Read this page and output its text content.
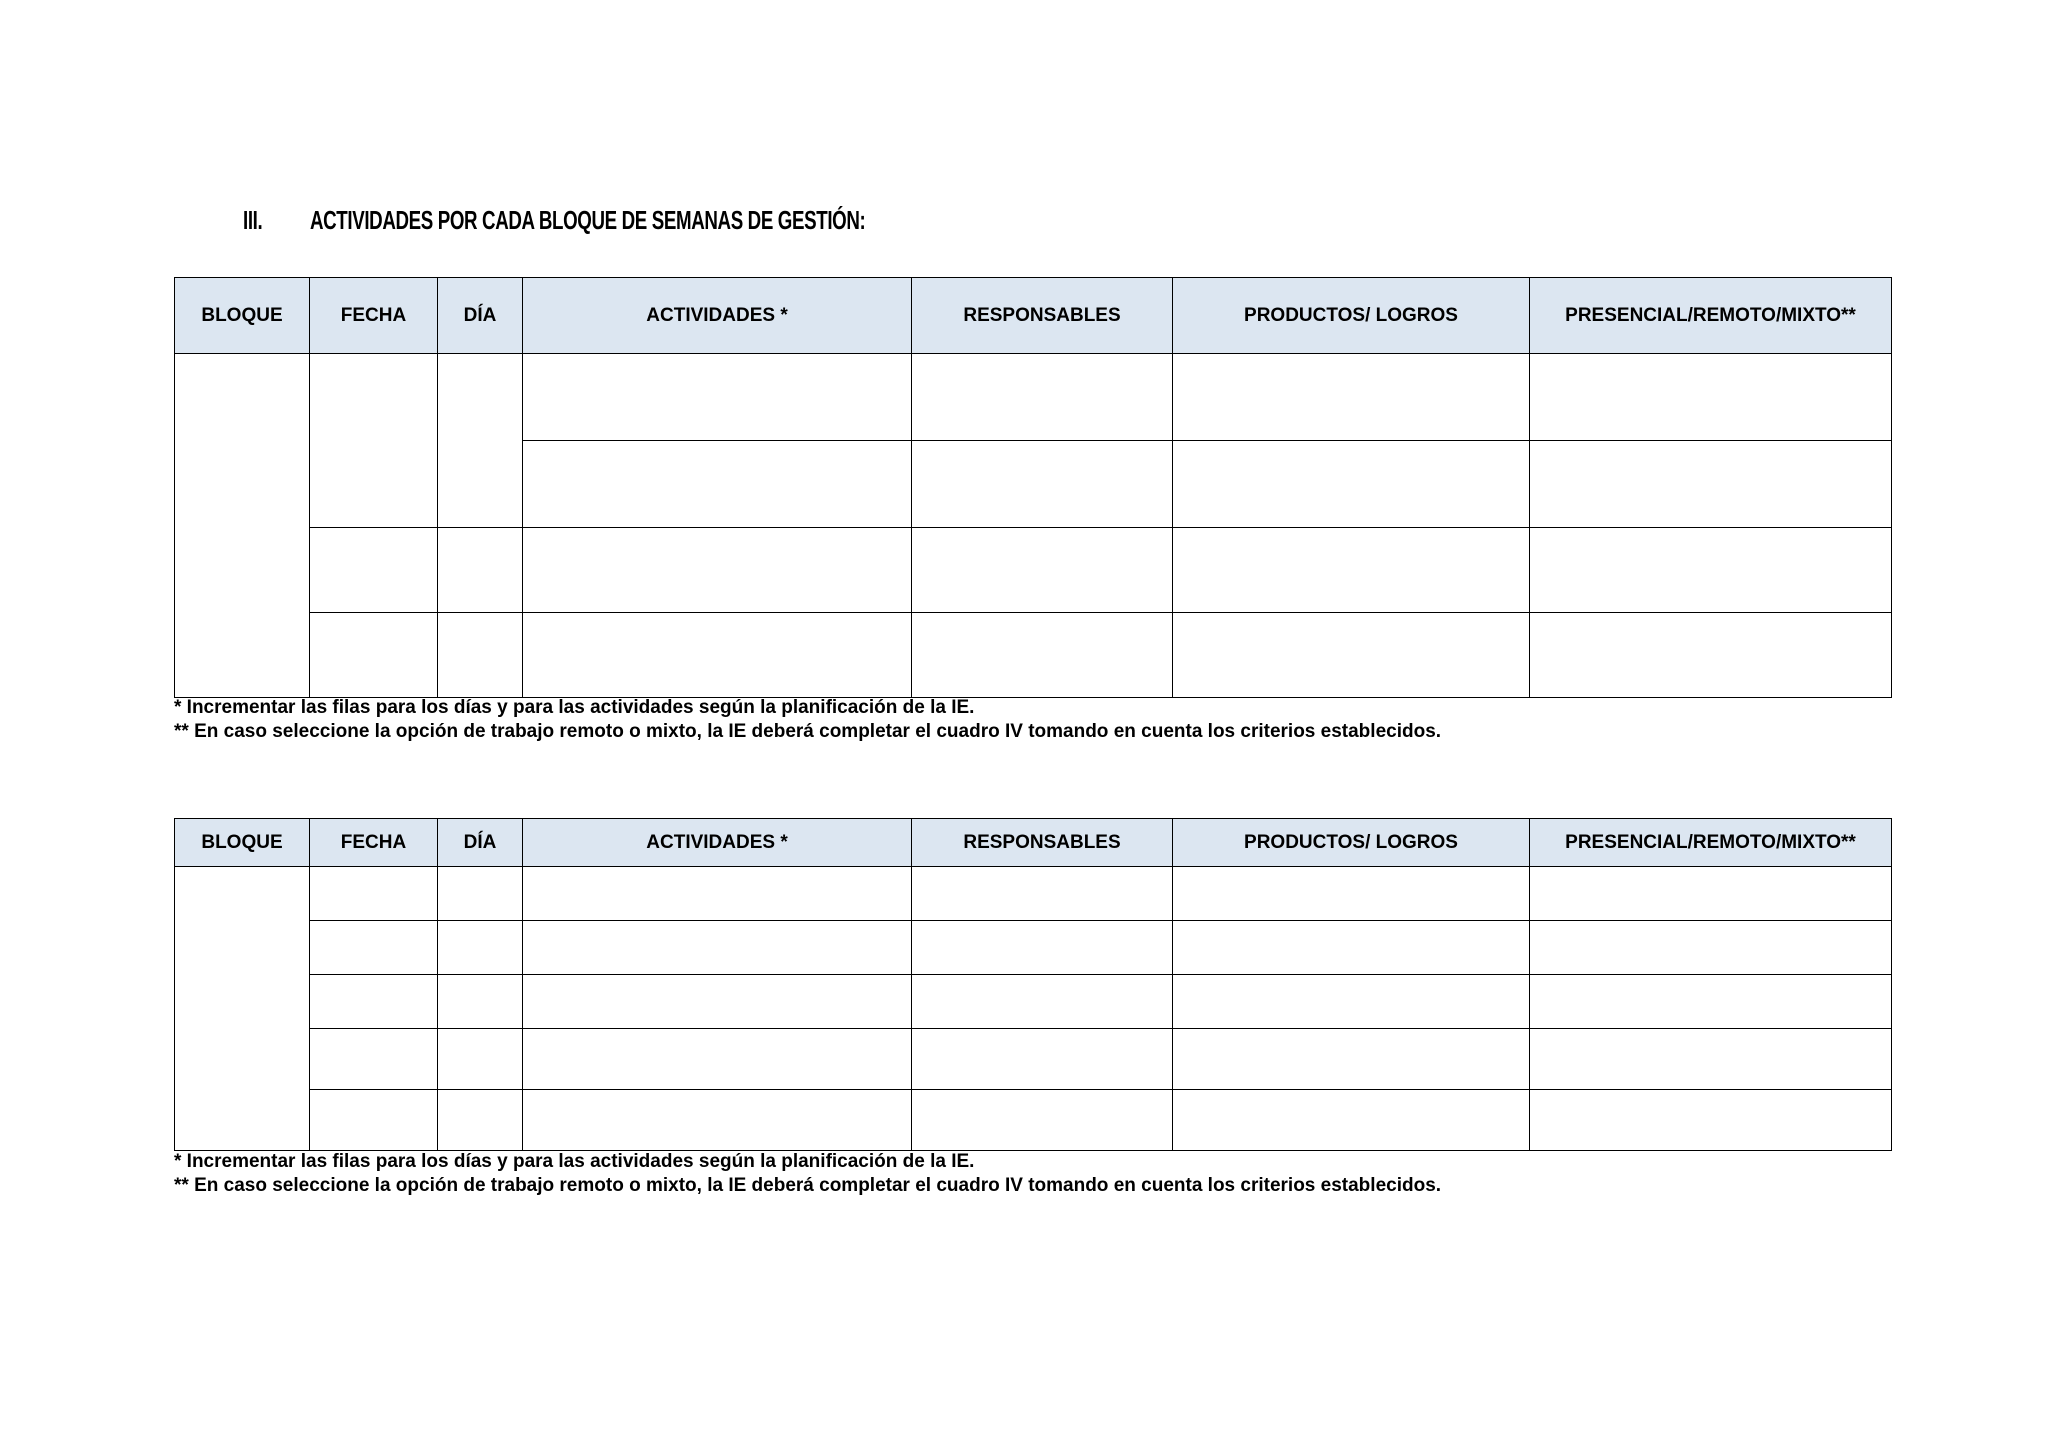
III. ACTIVIDADES POR CADA BLOQUE DE SEMANAS DE GESTIÓN:
BLOQUE	FECHA	DÍA	ACTIVIDADES *	RESPONSABLES	PRODUCTOS/ LOGROS	PRESENCIAL/REMOTO/MIXTO**

* Incrementar las filas para los días y para las actividades según la planificación de la IE.
** En caso seleccione la opción de trabajo remoto o mixto, la IE deberá completar el cuadro IV tomando en cuenta los criterios establecidos.
BLOQUE	FECHA	DÍA	ACTIVIDADES *	RESPONSABLES	PRODUCTOS/ LOGROS	PRESENCIAL/REMOTO/MIXTO**

* Incrementar las filas para los días y para las actividades según la planificación de la IE.
** En caso seleccione la opción de trabajo remoto o mixto, la IE deberá completar el cuadro IV tomando en cuenta los criterios establecidos.
